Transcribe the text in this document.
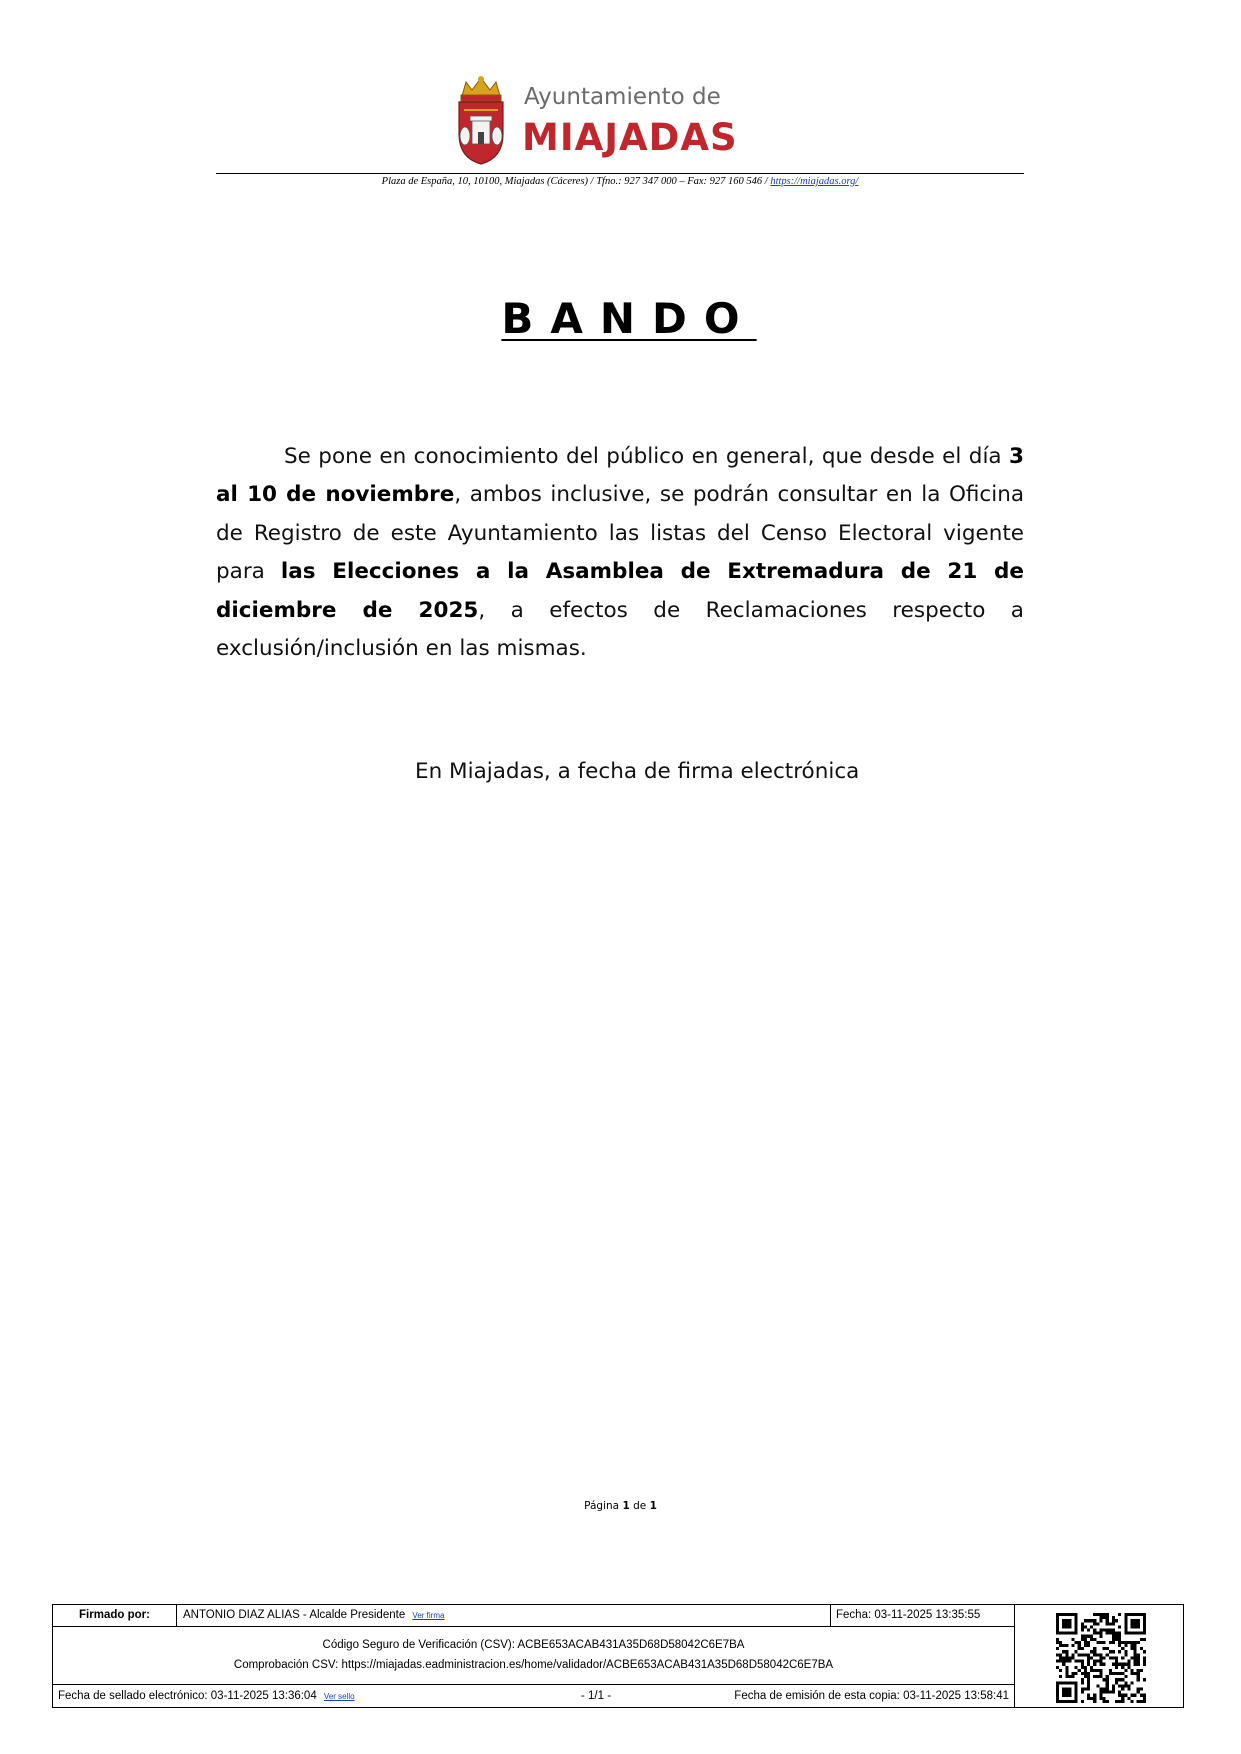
Ayuntamiento de
MIAJADAS
Plaza de España, 10, 10100, Miajadas (Cáceres) / Tfno.: 927 347 000 – Fax: 927 160 546 / https://miajadas.org/
BANDO

Se pone en conocimiento del público en general, que desde el día 3 al 10 de noviembre, ambos inclusive, se podrán consultar en la Oficina de Registro de este Ayuntamiento las listas del Censo Electoral vigente para las Elecciones a la Asamblea de Extremadura de 21 de diciembre de 2025, a efectos de Reclamaciones respecto a exclusión/inclusión en las mismas.

En Miajadas, a fecha de firma electrónica
Página 1 de 1
Firmado por:	ANTONIO DIAZ ALIAS - Alcalde Presidente Ver firma	Fecha: 03-11-2025 13:35:55
Código Seguro de Verificación (CSV): ACBE653ACAB431A35D68D58042C6E7BA
Comprobación CSV: https://miajadas.eadministracion.es/home/validador/ACBE653ACAB431A35D68D58042C6E7BA
Fecha de sellado electrónico: 03-11-2025 13:36:04 Ver sello	- 1/1 -	Fecha de emisión de esta copia: 03-11-2025 13:58:41
